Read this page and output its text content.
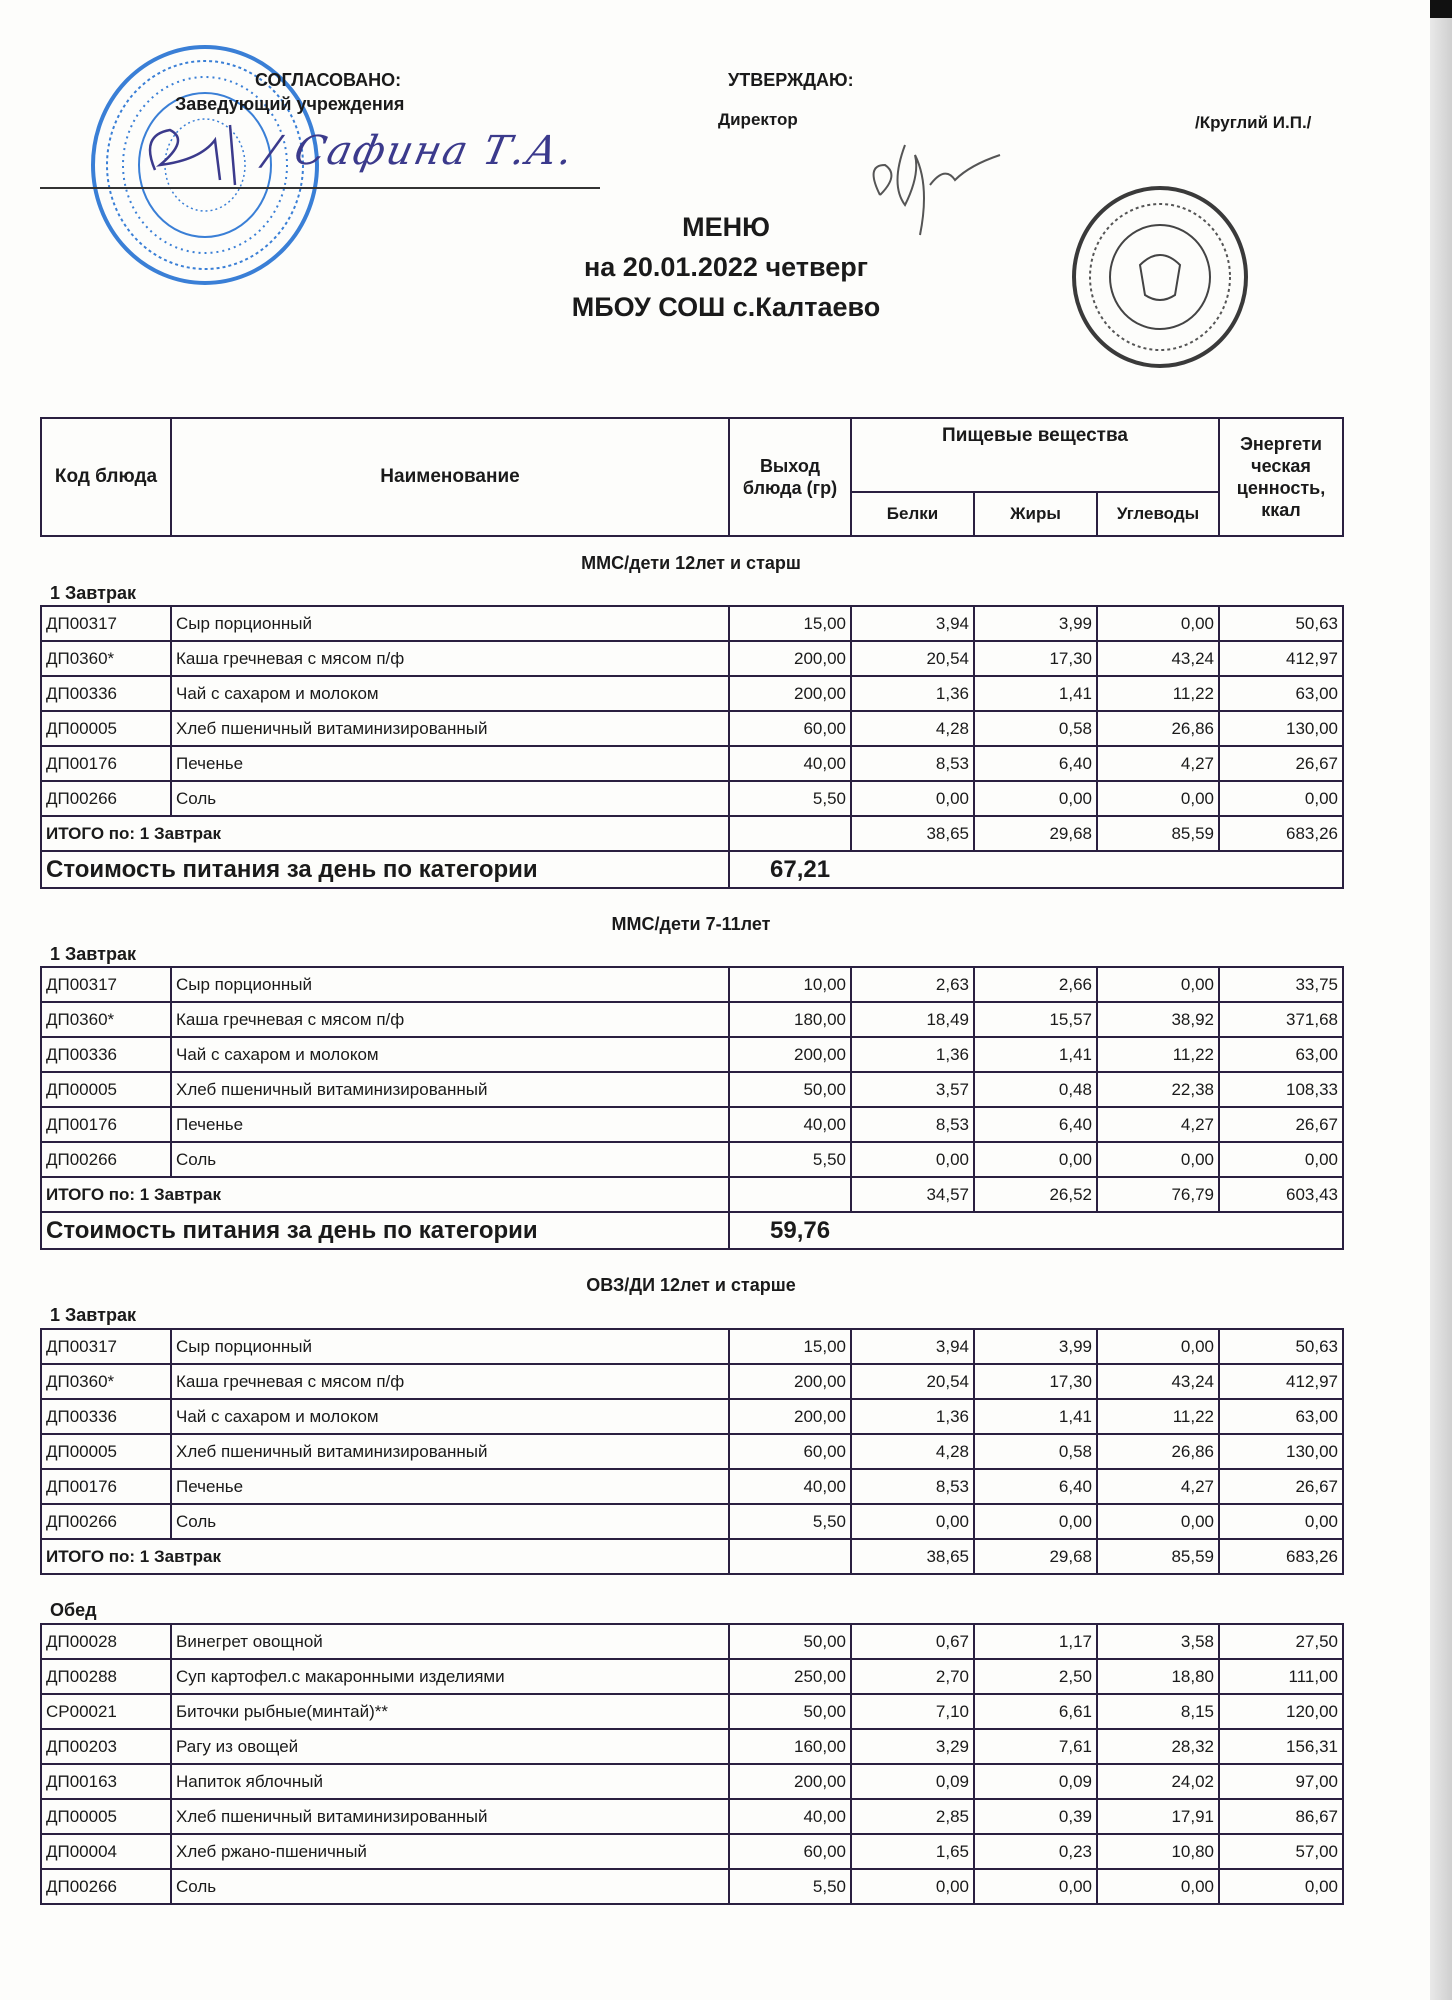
СОГЛАСОВАНО:
Заведующий учреждения
УТВЕРЖДАЮ:
Директор	/Круглий И.П./
/ Сафина Т.А.
МЕНЮ
на 20.01.2022 четверг
МБОУ СОШ с.Калтаево
Код блюда	Наименование	Выход блюда (гр)	Пищевые вещества			Энергети ческая ценность, ккал
			Белки	Жиры	Углеводы	
ММС/дети 12лет и старш
1 Завтрак
ДП00317	Сыр порционный	15,00	3,94	3,99	0,00	50,63
ДП0360*	Каша гречневая с мясом п/ф	200,00	20,54	17,30	43,24	412,97
ДП00336	Чай с сахаром и молоком	200,00	1,36	1,41	11,22	63,00
ДП00005	Хлеб пшеничный витаминизированный	60,00	4,28	0,58	26,86	130,00
ДП00176	Печенье	40,00	8,53	6,40	4,27	26,67
ДП00266	Соль	5,50	0,00	0,00	0,00	0,00
ИТОГО по: 1 Завтрак			38,65	29,68	85,59	683,26
Стоимость питания за день по категории		67,21				
ММС/дети 7-11лет
1 Завтрак
ДП00317	Сыр порционный	10,00	2,63	2,66	0,00	33,75
ДП0360*	Каша гречневая с мясом п/ф	180,00	18,49	15,57	38,92	371,68
ДП00336	Чай с сахаром и молоком	200,00	1,36	1,41	11,22	63,00
ДП00005	Хлеб пшеничный витаминизированный	50,00	3,57	0,48	22,38	108,33
ДП00176	Печенье	40,00	8,53	6,40	4,27	26,67
ДП00266	Соль	5,50	0,00	0,00	0,00	0,00
ИТОГО по: 1 Завтрак			34,57	26,52	76,79	603,43
Стоимость питания за день по категории		59,76				
ОВЗ/ДИ 12лет и старше
1 Завтрак
ДП00317	Сыр порционный	15,00	3,94	3,99	0,00	50,63
ДП0360*	Каша гречневая с мясом п/ф	200,00	20,54	17,30	43,24	412,97
ДП00336	Чай с сахаром и молоком	200,00	1,36	1,41	11,22	63,00
ДП00005	Хлеб пшеничный витаминизированный	60,00	4,28	0,58	26,86	130,00
ДП00176	Печенье	40,00	8,53	6,40	4,27	26,67
ДП00266	Соль	5,50	0,00	0,00	0,00	0,00
ИТОГО по: 1 Завтрак			38,65	29,68	85,59	683,26
Обед
ДП00028	Винегрет овощной	50,00	0,67	1,17	3,58	27,50
ДП00288	Суп картофел.с макаронными изделиями	250,00	2,70	2,50	18,80	111,00
СР00021	Биточки рыбные(минтай)**	50,00	7,10	6,61	8,15	120,00
ДП00203	Рагу из овощей	160,00	3,29	7,61	28,32	156,31
ДП00163	Напиток яблочный	200,00	0,09	0,09	24,02	97,00
ДП00005	Хлеб пшеничный витаминизированный	40,00	2,85	0,39	17,91	86,67
ДП00004	Хлеб ржано-пшеничный	60,00	1,65	0,23	10,80	57,00
ДП00266	Соль	5,50	0,00	0,00	0,00	0,00
